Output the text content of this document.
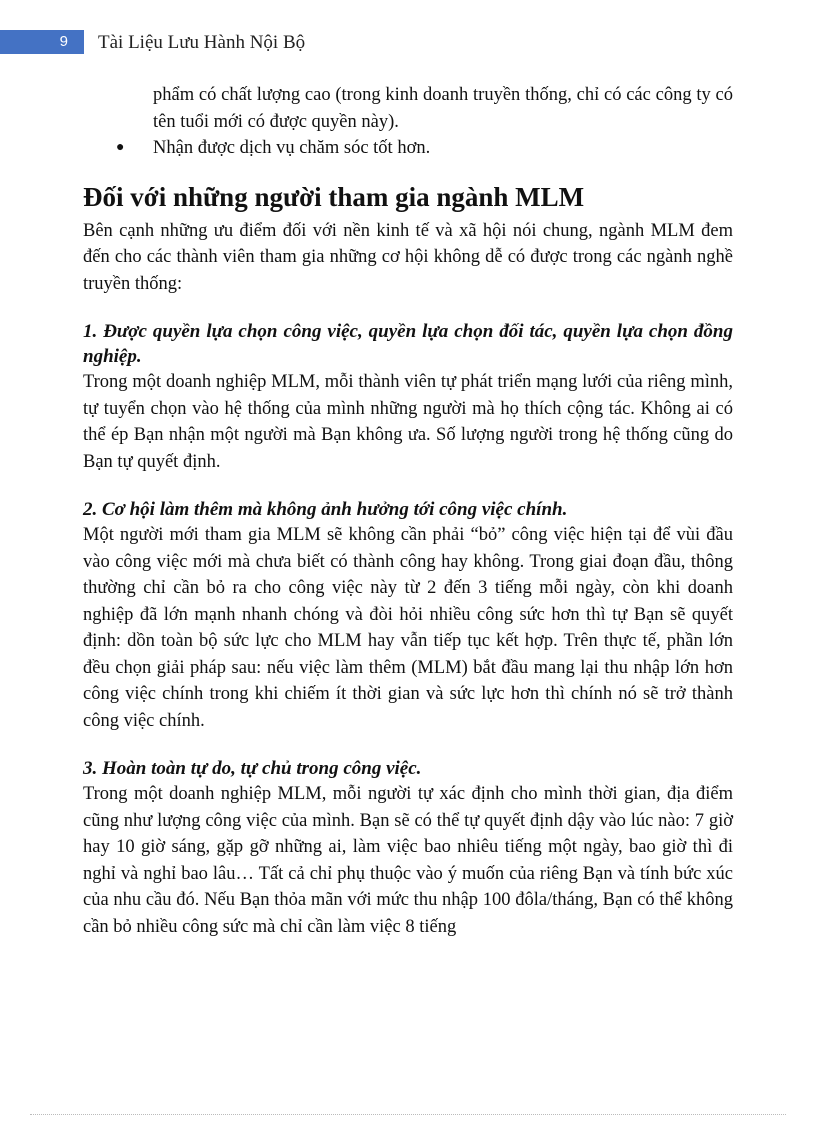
9	Tài Liệu Lưu Hành Nội Bộ

phẩm có chất lượng cao (trong kinh doanh truyền thống, chỉ có các công ty có tên tuổi mới có được quyền này).

● Nhận được dịch vụ chăm sóc tốt hơn.

Đối với những người tham gia ngành MLM

Bên cạnh những ưu điểm đối với nền kinh tế và xã hội nói chung, ngành MLM đem đến cho các thành viên tham gia những cơ hội không dễ có được trong các ngành nghề truyền thống:

1. Được quyền lựa chọn công việc, quyền lựa chọn đối tác, quyền lựa chọn đồng nghiệp.

Trong một doanh nghiệp MLM, mỗi thành viên tự phát triển mạng lưới của riêng mình, tự tuyển chọn vào hệ thống của mình những người mà họ thích cộng tác. Không ai có thể ép Bạn nhận một người mà Bạn không ưa. Số lượng người trong hệ thống cũng do Bạn tự quyết định.

2. Cơ hội làm thêm mà không ảnh hưởng tới công việc chính.

Một người mới tham gia MLM sẽ không cần phải “bỏ” công việc hiện tại để vùi đầu vào công việc mới mà chưa biết có thành công hay không. Trong giai đoạn đầu, thông thường chỉ cần bỏ ra cho công việc này từ 2 đến 3 tiếng mỗi ngày, còn khi doanh nghiệp đã lớn mạnh nhanh chóng và đòi hỏi nhiều công sức hơn thì tự Bạn sẽ quyết định: dồn toàn bộ sức lực cho MLM hay vẫn tiếp tục kết hợp. Trên thực tế, phần lớn đều chọn giải pháp sau: nếu việc làm thêm (MLM) bắt đầu mang lại thu nhập lớn hơn công việc chính trong khi chiếm ít thời gian và sức lực hơn thì chính nó sẽ trở thành công việc chính.

3. Hoàn toàn tự do, tự chủ trong công việc.

Trong một doanh nghiệp MLM, mỗi người tự xác định cho mình thời gian, địa điểm cũng như lượng công việc của mình. Bạn sẽ có thể tự quyết định dậy vào lúc nào: 7 giờ hay 10 giờ sáng, gặp gỡ những ai, làm việc bao nhiêu tiếng một ngày, bao giờ thì đi nghỉ và nghỉ bao lâu… Tất cả chỉ phụ thuộc vào ý muốn của riêng Bạn và tính bức xúc của nhu cầu đó. Nếu Bạn thỏa mãn với mức thu nhập 100 đôla/tháng, Bạn có thể không cần bỏ nhiều công sức mà chỉ cần làm việc 8 tiếng
